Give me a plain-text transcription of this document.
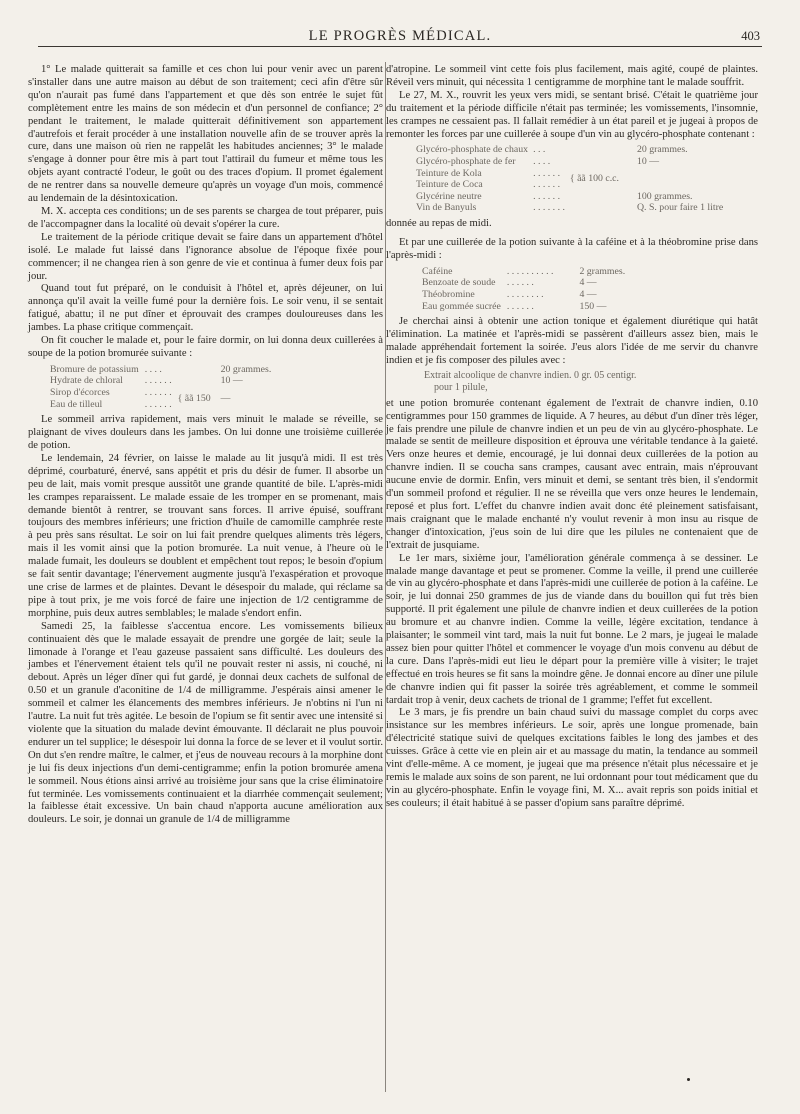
LE PROGRÈS MÉDICAL.	403

1° Le malade quitterait sa famille et ces chon lui pour venir avec un parent s'installer dans une autre maison au début de son traitement; ceci afin d'être sûr qu'on n'aurait pas fumé dans l'appartement et que dès son entrée le sujet fût complètement entre les mains de son médecin et d'un personnel de confiance; 2° pendant le traitement, le malade quitterait définitivement son appartement d'autrefois et ferait procéder à une installation nouvelle afin de se trouver après la cure, dans une maison où rien ne rappelât les habitudes anciennes; 3° le malade s'engage à donner pour être mis à part tout l'attirail du fumeur et même tous les objets ayant contracté l'odeur, le goût ou des traces d'opium. Il promet également de ne rentrer dans sa nouvelle demeure qu'après un voyage d'un mois, commencé au lendemain de la désintoxication.

M. X. accepta ces conditions; un de ses parents se chargea de tout préparer, puis de l'accompagner dans la localité où devait s'opérer la cure.

Le traitement de la période critique devait se faire dans un appartement d'hôtel isolé. Le malade fut laissé dans l'ignorance absolue de l'époque fixée pour commencer; il ne changea rien à son genre de vie et continua à fumer deux fois par jour.

Quand tout fut préparé, on le conduisit à l'hôtel et, après déjeuner, on lui annonça qu'il avait la veille fumé pour la dernière fois. Le soir venu, il se sentait fatigué, abattu; il ne put dîner et éprouvait des crampes douloureuses dans les jambes. La phase critique commençait.

On fit coucher le malade et, pour le faire dormir, on lui donna deux cuillerées à soupe de la potion bromurée suivante :

Bromure de potassium	. . . .		20 grammes.
Hydrate de chloral	. . . . . .		10 —
Sirop d'écorces	. . . . . .	{ ãã 150	—
Eau de tilleul	. . . . . .		

Le sommeil arriva rapidement, mais vers minuit le malade se réveille, se plaignant de vives douleurs dans les jambes. On lui donne une troisième cuillerée de potion.

Le lendemain, 24 février, on laisse le malade au lit jusqu'à midi. Il est très déprimé, courbaturé, énervé, sans appétit et pris du désir de fumer. Il absorbe un peu de lait, mais vomit presque aussitôt une grande quantité de bile. L'après-midi les crampes reparaissent. Le malade essaie de les tromper en se promenant, mais demande bientôt à rentrer, se trouvant sans forces. Il arrive épuisé, souffrant toujours des membres inférieurs; une friction d'huile de camomille camphrée reste à peu près sans résultat. Le soir on lui fait prendre quelques aliments très légers, mais il les vomit ainsi que la potion bromurée. La nuit venue, à l'heure où le malade fumait, les douleurs se doublent et empêchent tout repos; le besoin d'opium se fait sentir davantage; l'énervement augmente jusqu'à l'exaspération et provoque une crise de larmes et de plaintes. Devant le désespoir du malade, qui réclame sa pipe à tout prix, je me vois forcé de faire une injection de 1/2 centigramme de morphine, puis deux autres semblables; le malade s'endort enfin.

Samedi 25, la faiblesse s'accentua encore. Les vomissements bilieux continuaient dès que le malade essayait de prendre une gorgée de lait; seule la limonade à l'orange et l'eau gazeuse passaient sans difficulté. Les douleurs des jambes et l'énervement étaient tels qu'il ne pouvait rester ni assis, ni couché, ni debout. Après un léger dîner qui fut gardé, je donnai deux cachets de sulfonal de 0.50 et un granule d'aconitine de 1/4 de milligramme. J'espérais ainsi amener le sommeil et calmer les élancements des membres inférieurs. Je n'obtins ni l'un ni l'autre. La nuit fut très agitée. Le besoin de l'opium se fit sentir avec une intensité si violente que la situation du malade devint émouvante. Il déclarait ne plus pouvoir endurer un tel supplice; le désespoir lui donna la force de se lever et il voulut sortir. On dut s'en rendre maître, le calmer, et j'eus de nouveau recours à la morphine dont je lui fis deux injections d'un demi-centigramme; enfin la potion bromurée amena le sommeil. Nous étions ainsi arrivé au troisième jour sans que la crise éliminatoire fut terminée. Les vomissements continuaient et la diarrhée commençait seulement; la faiblesse était excessive. Un bain chaud n'apporta aucune amélioration aux douleurs. Le soir, je donnai un granule de 1/4 de milligramme

d'atropine. Le sommeil vint cette fois plus facilement, mais agité, coupé de plaintes. Réveil vers minuit, qui nécessita 1 centigramme de morphine tant le malade souffrit.

Le 27, M. X., rouvrit les yeux vers midi, se sentant brisé. C'était le quatrième jour du traitement et la période difficile n'était pas terminée; les vomissements, l'insomnie, les crampes ne cessaient pas. Il fallait remédier à un état pareil et je jugeai à propos de remonter les forces par une cuillerée à soupe d'un vin au glycéro-phosphate contenant :

Glycéro-phosphate de chaux	. . .		20 grammes.
Glycéro-phosphate de fer	. . . .		10 —
Teinture de Kola	. . . . . .	{ ãã 100 c.c.	
Teinture de Coca	. . . . . .		
Glycérine neutre	. . . . . .		100 grammes.
Vin de Banyuls	. . . . . . .		Q. S. pour faire 1 litre

donnée au repas de midi.

Et par une cuillerée de la potion suivante à la caféine et à la théobromine prise dans l'après-midi :

Caféine	. . . . . . . . . .	2 grammes.
Benzoate de soude	. . . . . .	4 —
Théobromine	. . . . . . . .	4 —
Eau gommée sucrée	. . . . . .	150 —

Je cherchai ainsi à obtenir une action tonique et également diurétique qui hatât l'élimination. La matinée et l'après-midi se passèrent d'ailleurs assez bien, mais le malade appréhendait fortement la soirée. J'eus alors l'idée de me servir du chanvre indien et je fis composer des pilules avec :

Extrait alcoolique de chanvre indien. 0 gr. 05 centigr.
pour 1 pilule,

et une potion bromurée contenant également de l'extrait de chanvre indien, 0.10 centigrammes pour 150 grammes de liquide. A 7 heures, au début d'un dîner très léger, je fais prendre une pilule de chanvre indien et un peu de vin au glycéro-phosphate. Le malade se sentit de meilleure disposition et éprouva une véritable tendance à la gaieté. Vers onze heures et demie, encouragé, je lui donnai deux cuillerées de la potion au chanvre indien. Il se coucha sans crampes, causant avec entrain, mais n'éprouvant aucune envie de dormir. Enfin, vers minuit et demi, se sentant très bien, il s'endormit d'un sommeil profond et régulier. Il ne se réveilla que vers onze heures le lendemain, reposé et plus fort. L'effet du chanvre indien avait donc été pleinement satisfaisant, mais craignant que le malade enchanté n'y voulut revenir à mon insu au risque de changer d'intoxication, j'eus soin de lui dire que les pilules ne contenaient que de l'extrait de jusquiame.

Le 1er mars, sixième jour, l'amélioration générale commença à se dessiner. Le malade mange davantage et peut se promener. Comme la veille, il prend une cuillerée de vin au glycéro-phosphate et dans l'après-midi une cuillerée de potion à la caféine. Le soir, je lui donnai 250 grammes de jus de viande dans du bouillon qui fut très bien supporté. Il prit également une pilule de chanvre indien et deux cuillerées de la potion au bromure et au chanvre indien. Comme la veille, légère excitation, tendance à plaisanter; le sommeil vint tard, mais la nuit fut bonne. Le 2 mars, je jugeai le malade assez bien pour quitter l'hôtel et commencer le voyage d'un mois convenu au début de la cure. Dans l'après-midi eut lieu le départ pour la première ville à visiter; le trajet effectué en trois heures se fit sans la moindre gêne. Je donnai encore au dîner une pilule de chanvre indien qui fit passer la soirée très agréablement, et comme le sommeil tardait trop à venir, deux cachets de trional de 1 gramme; l'effet fut excellent.

Le 3 mars, je fis prendre un bain chaud suivi du massage complet du corps avec insistance sur les membres inférieurs. Le soir, après une longue promenade, bain d'électricité statique suivi de quelques excitations faibles le long des jambes et des cuisses. Grâce à cette vie en plein air et au massage du matin, la tendance au sommeil vint d'elle-même. A ce moment, je jugeai que ma présence n'était plus nécessaire et je remis le malade aux soins de son parent, ne lui ordonnant pour tout médicament que du vin au glycéro-phosphate. Enfin le voyage fini, M. X... avait repris son poids initial et ses couleurs; il était habitué à se passer d'opium sans paraître déprimé.
